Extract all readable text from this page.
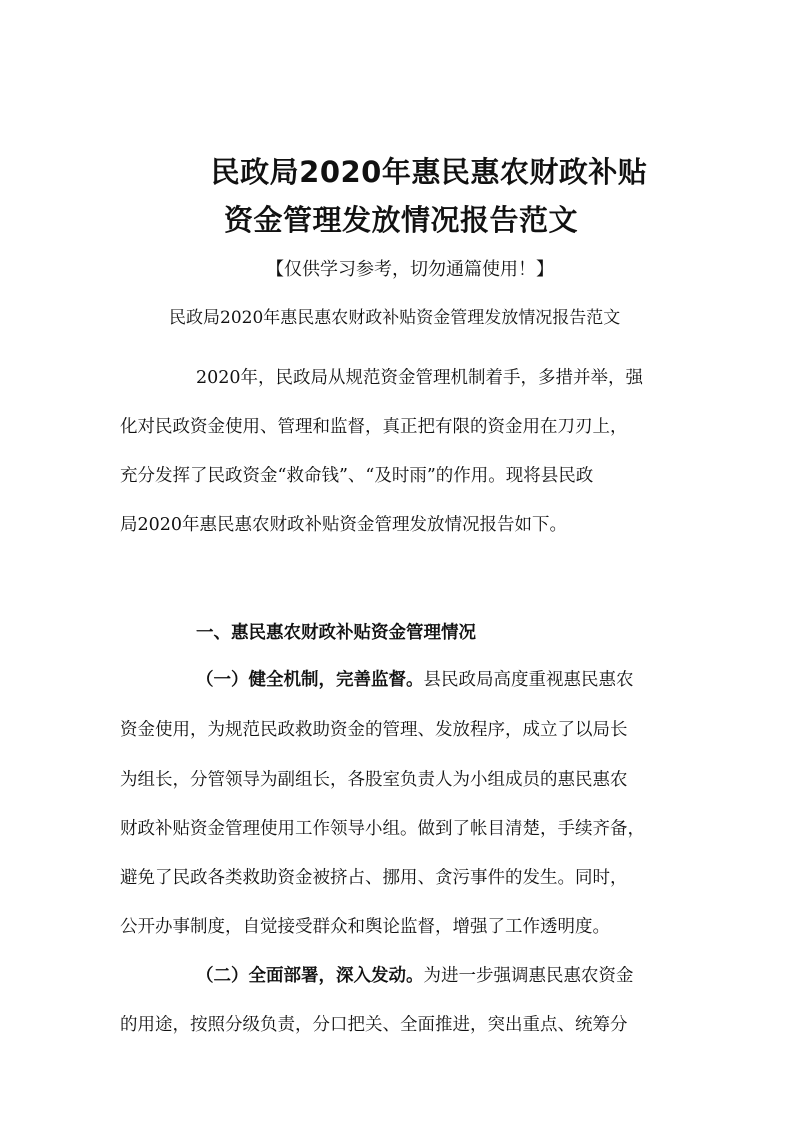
民政局2020年惠民惠农财政补贴
资金管理发放情况报告范文
【仅供学习参考，切勿通篇使用！】
民政局2020年惠民惠农财政补贴资金管理发放情况报告范文

2020年，民政局从规范资金管理机制着手，多措并举，强

化对民政资金使用、管理和监督，真正把有限的资金用在刀刃上，

充分发挥了民政资金“救命钱”、“及时雨”的作用。现将县民政

局2020年惠民惠农财政补贴资金管理发放情况报告如下。

一、惠民惠农财政补贴资金管理情况

（一）健全机制，完善监督。县民政局高度重视惠民惠农

资金使用，为规范民政救助资金的管理、发放程序，成立了以局长

为组长，分管领导为副组长，各股室负责人为小组成员的惠民惠农

财政补贴资金管理使用工作领导小组。做到了帐目清楚，手续齐备，

避免了民政各类救助资金被挤占、挪用、贪污事件的发生。同时，

公开办事制度，自觉接受群众和舆论监督，增强了工作透明度。

（二）全面部署，深入发动。为进一步强调惠民惠农资金

的用途，按照分级负责，分口把关、全面推进，突出重点、统筹分
